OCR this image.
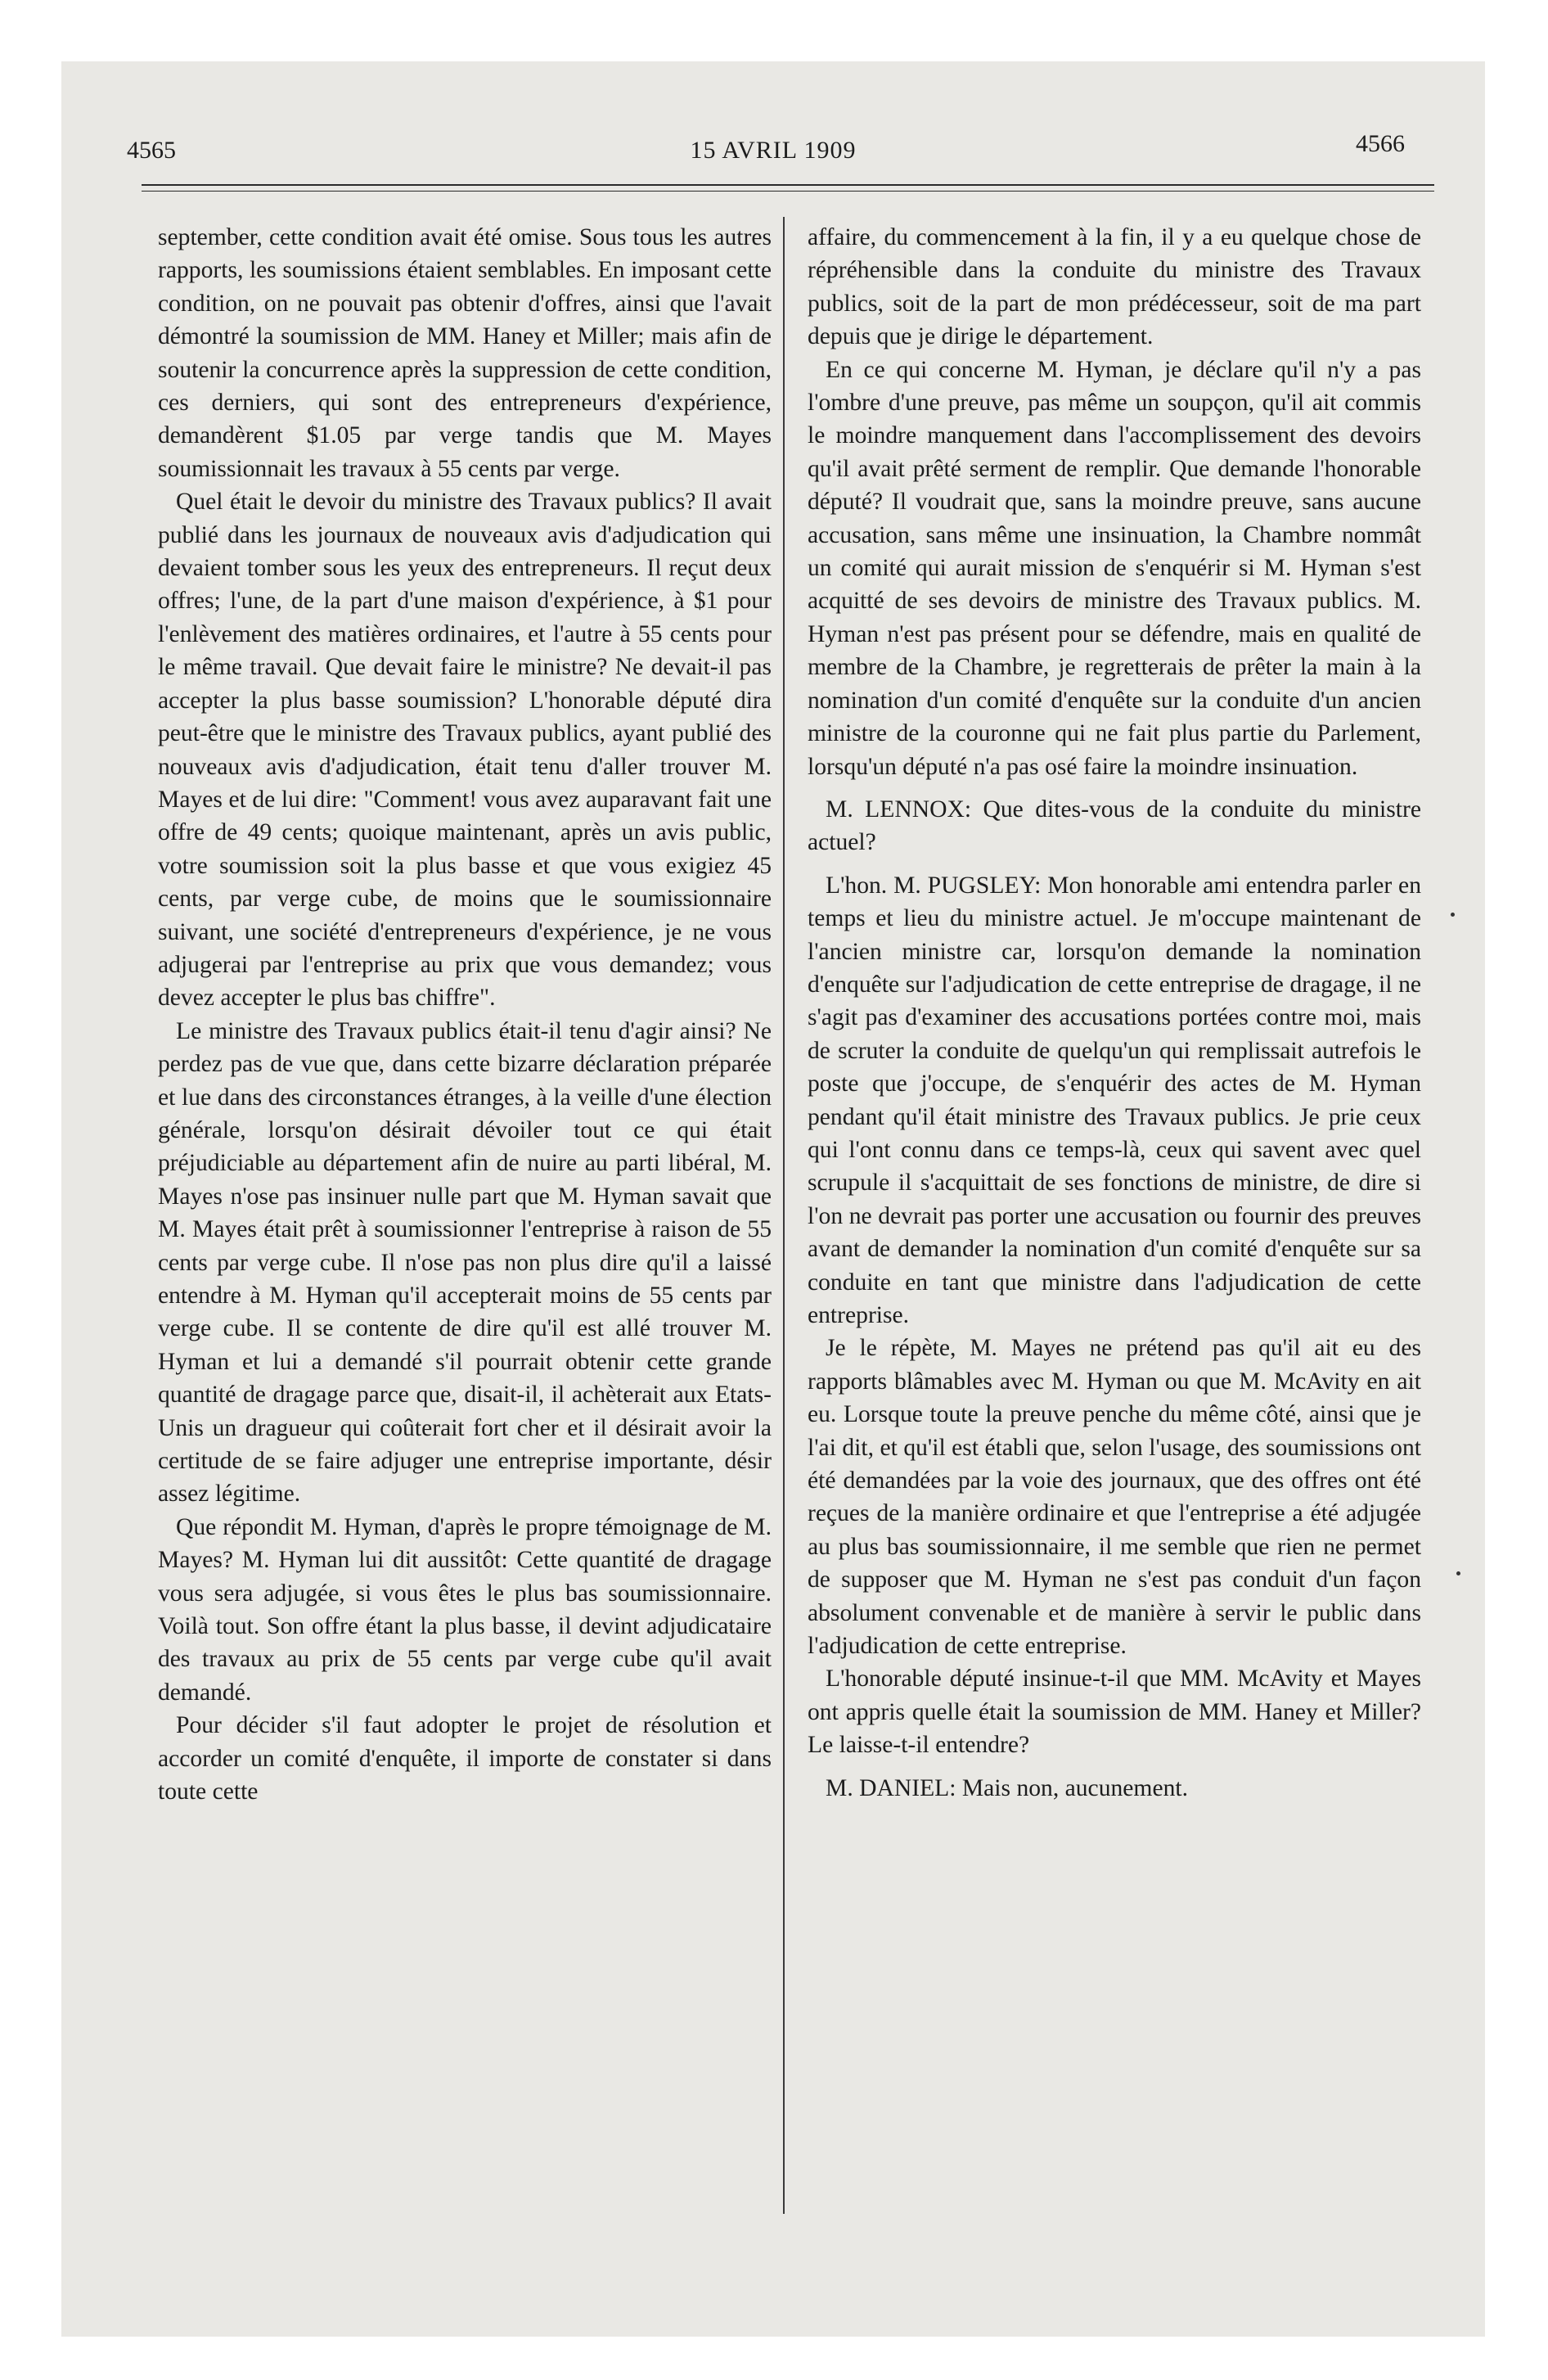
4565	15 AVRIL 1909	4566

september, cette condition avait été omise. Sous tous les autres rapports, les soumissions étaient semblables. En imposant cette condition, on ne pouvait pas obtenir d'offres, ainsi que l'avait démontré la soumission de MM. Haney et Miller; mais afin de soutenir la concurrence après la suppression de cette condition, ces derniers, qui sont des entrepreneurs d'expérience, demandèrent $1.05 par verge tandis que M. Mayes soumissionnait les travaux à 55 cents par verge.

Quel était le devoir du ministre des Travaux publics? Il avait publié dans les journaux de nouveaux avis d'adjudication qui devaient tomber sous les yeux des entrepreneurs. Il reçut deux offres; l'une, de la part d'une maison d'expérience, à $1 pour l'enlèvement des matières ordinaires, et l'autre à 55 cents pour le même travail. Que devait faire le ministre? Ne devait-il pas accepter la plus basse soumission? L'honorable député dira peut-être que le ministre des Travaux publics, ayant publié des nouveaux avis d'adjudication, était tenu d'aller trouver M. Mayes et de lui dire: "Comment! vous avez auparavant fait une offre de 49 cents; quoique maintenant, après un avis public, votre soumission soit la plus basse et que vous exigiez 45 cents, par verge cube, de moins que le soumissionnaire suivant, une société d'entrepreneurs d'expérience, je ne vous adjugerai par l'entreprise au prix que vous demandez; vous devez accepter le plus bas chiffre".

Le ministre des Travaux publics était-il tenu d'agir ainsi? Ne perdez pas de vue que, dans cette bizarre déclaration préparée et lue dans des circonstances étranges, à la veille d'une élection générale, lorsqu'on désirait dévoiler tout ce qui était préjudiciable au département afin de nuire au parti libéral, M. Mayes n'ose pas insinuer nulle part que M. Hyman savait que M. Mayes était prêt à soumissionner l'entreprise à raison de 55 cents par verge cube. Il n'ose pas non plus dire qu'il a laissé entendre à M. Hyman qu'il accepterait moins de 55 cents par verge cube. Il se contente de dire qu'il est allé trouver M. Hyman et lui a demandé s'il pourrait obtenir cette grande quantité de dragage parce que, disait-il, il achèterait aux Etats-Unis un dragueur qui coûterait fort cher et il désirait avoir la certitude de se faire adjuger une entreprise importante, désir assez légitime.

Que répondit M. Hyman, d'après le propre témoignage de M. Mayes? M. Hyman lui dit aussitôt: Cette quantité de dragage vous sera adjugée, si vous êtes le plus bas soumissionnaire. Voilà tout. Son offre étant la plus basse, il devint adjudicataire des travaux au prix de 55 cents par verge cube qu'il avait demandé.

Pour décider s'il faut adopter le projet de résolution et accorder un comité d'enquête, il importe de constater si dans toute cette

affaire, du commencement à la fin, il y a eu quelque chose de répréhensible dans la conduite du ministre des Travaux publics, soit de la part de mon prédécesseur, soit de ma part depuis que je dirige le département.

En ce qui concerne M. Hyman, je déclare qu'il n'y a pas l'ombre d'une preuve, pas même un soupçon, qu'il ait commis le moindre manquement dans l'accomplissement des devoirs qu'il avait prêté serment de remplir. Que demande l'honorable député? Il voudrait que, sans la moindre preuve, sans aucune accusation, sans même une insinuation, la Chambre nommât un comité qui aurait mission de s'enquérir si M. Hyman s'est acquitté de ses devoirs de ministre des Travaux publics. M. Hyman n'est pas présent pour se défendre, mais en qualité de membre de la Chambre, je regretterais de prêter la main à la nomination d'un comité d'enquête sur la conduite d'un ancien ministre de la couronne qui ne fait plus partie du Parlement, lorsqu'un député n'a pas osé faire la moindre insinuation.

M. LENNOX: Que dites-vous de la conduite du ministre actuel?

L'hon. M. PUGSLEY: Mon honorable ami entendra parler en temps et lieu du ministre actuel. Je m'occupe maintenant de l'ancien ministre car, lorsqu'on demande la nomination d'enquête sur l'adjudication de cette entreprise de dragage, il ne s'agit pas d'examiner des accusations portées contre moi, mais de scruter la conduite de quelqu'un qui remplissait autrefois le poste que j'occupe, de s'enquérir des actes de M. Hyman pendant qu'il était ministre des Travaux publics. Je prie ceux qui l'ont connu dans ce temps-là, ceux qui savent avec quel scrupule il s'acquittait de ses fonctions de ministre, de dire si l'on ne devrait pas porter une accusation ou fournir des preuves avant de demander la nomination d'un comité d'enquête sur sa conduite en tant que ministre dans l'adjudication de cette entreprise.

Je le répète, M. Mayes ne prétend pas qu'il ait eu des rapports blâmables avec M. Hyman ou que M. McAvity en ait eu. Lorsque toute la preuve penche du même côté, ainsi que je l'ai dit, et qu'il est établi que, selon l'usage, des soumissions ont été demandées par la voie des journaux, que des offres ont été reçues de la manière ordinaire et que l'entreprise a été adjugée au plus bas soumissionnaire, il me semble que rien ne permet de supposer que M. Hyman ne s'est pas conduit d'un façon absolument convenable et de manière à servir le public dans l'adjudication de cette entreprise.

L'honorable député insinue-t-il que MM. McAvity et Mayes ont appris quelle était la soumission de MM. Haney et Miller? Le laisse-t-il entendre?

M. DANIEL: Mais non, aucunement.
